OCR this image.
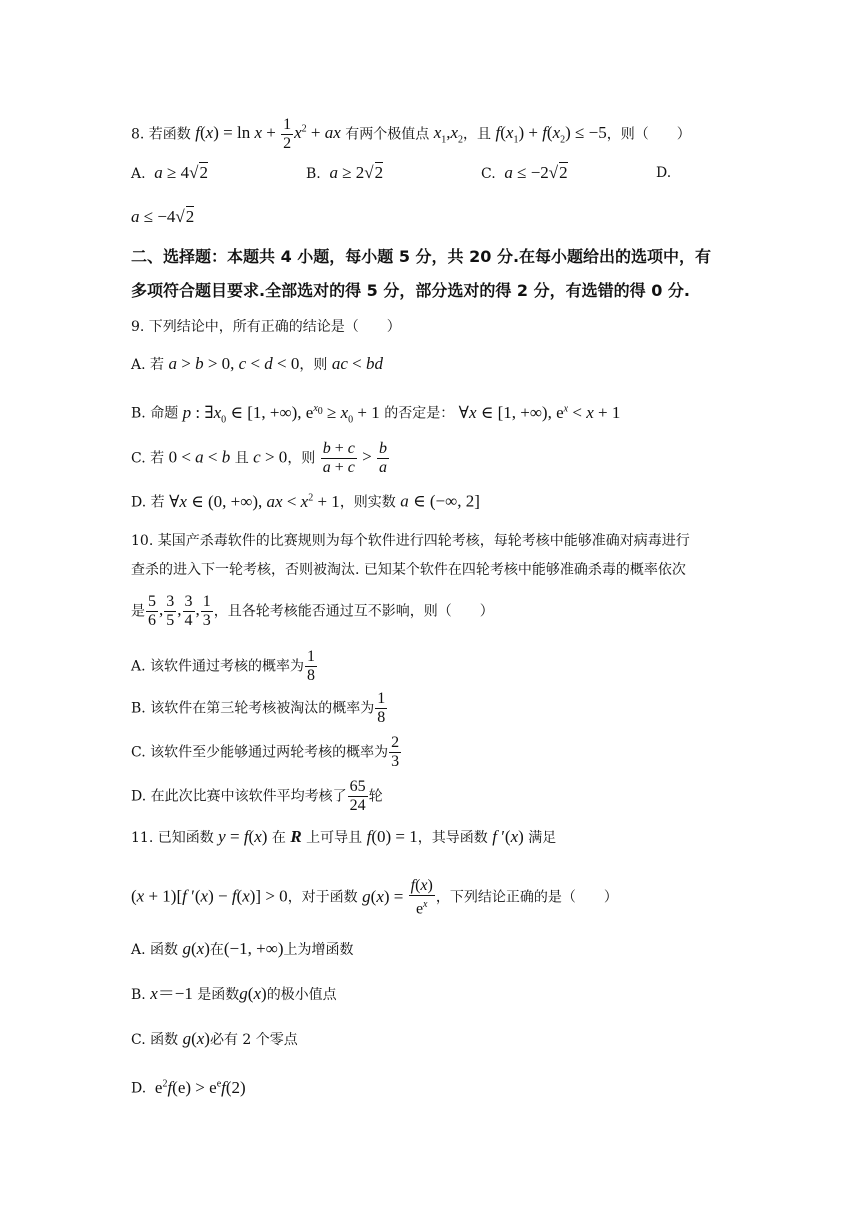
8. 若函数 $f(x) = \ln x + \frac{1}{2} x^2$ + ax 有两个极值点 $x_1,x_2$，且 $f(x_1) + f(x_2) \le -5$，则（　　）
A. a ≥ 4√2	B. a ≥ 2√2	C. a ≤ −2√2	D.
a ≤ −4√2
二、选择题：本题共 4 小题，每小题 5 分，共 20 分.在每小题给出的选项中，有
多项符合题目要求.全部选对的得 5 分，部分选对的得 2 分，有选错的得 0 分.
9. 下列结论中，所有正确的结论是（　　）
A. 若 a > b > 0, c < d < 0，则 ac < bd
B. 命题 p : $\exists x_0$ ∈ [1, +∞), $e^{x_0} \ge x_0 + 1$ 的否定是： ∀x ∈ [1, +∞), $e^x < x + 1$
C. 若 0 < a < b 且 c > 0，则 $\frac{b + c}{a + c} > \frac{b}{a}$
D. 若 ∀x ∈ (0, +∞), ax < $x^2 + 1$，则实数 a ∈ (−∞, 2]
10. 某国产杀毒软件的比赛规则为每个软件进行四轮考核，每轮考核中能够准确对病毒进行
查杀的进入下一轮考核，否则被淘汰. 已知某个软件在四轮考核中能够准确杀毒的概率依次
是 $\frac{5}{6}$ , $\frac{3}{5}$ , $\frac{3}{4}$ , $\frac{1}{3}$ ，且各轮考核能否通过互不影响，则（　　）
A. 该软件通过考核的概率为 $\frac{1}{8}$
B. 该软件在第三轮考核被淘汰的概率为 $\frac{1}{8}$
C. 该软件至少能够通过两轮考核的概率为 $\frac{2}{3}$
D. 在此次比赛中该软件平均考核了 $\frac{65}{24}$ 轮
11. 已知函数 y = f(x) 在 R 上可导且 f(0) = 1，其导函数 f ′(x) 满足
(x + 1)[f ′(x) − f(x)] > 0，对于函数 $g(x) = \frac{f(x)}{e^x}$ ，下列结论正确的是（　　）
A. 函数 g(x)在(−1, +∞)上为增函数
B. x＝−1 是函数g(x)的极小值点
C. 函数 g(x)必有 2 个零点
D.  $e^2f(e) > e^ef(2)$
